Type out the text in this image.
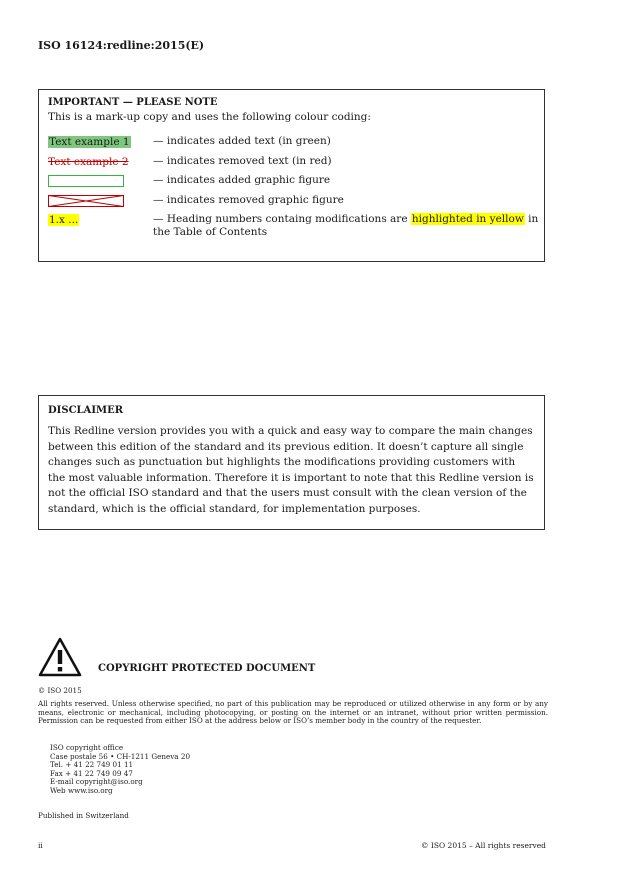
ISO 16124:redline:2015(E)
IMPORTANT — PLEASE NOTE
This is a mark-up copy and uses the following colour coding:
Text example 1 — indicates added text (in green)
Text example 2 — indicates removed text (in red)
— indicates added graphic figure
— indicates removed graphic figure
1.x ...	— Heading numbers containg modifications are highlighted in yellow in the Table of Contents
DISCLAIMER
This Redline version provides you with a quick and easy way to compare the main changes between this edition of the standard and its previous edition. It doesn’t capture all single changes such as punctuation but highlights the modifications providing customers with the most valuable information. Therefore it is important to note that this Redline version is not the official ISO standard and that the users must consult with the clean version of the standard, which is the official standard, for implementation purposes.
COPYRIGHT PROTECTED DOCUMENT
© ISO 2015
All rights reserved. Unless otherwise specified, no part of this publication may be reproduced or utilized otherwise in any form or by any means, electronic or mechanical, including photocopying, or posting on the internet or an intranet, without prior written permission. Permission can be requested from either ISO at the address below or ISO’s member body in the country of the requester.
ISO copyright office
Case postale 56 • CH-1211 Geneva 20
Tel. + 41 22 749 01 11
Fax + 41 22 749 09 47
E-mail copyright@iso.org
Web www.iso.org
Published in Switzerland
ii	© ISO 2015 – All rights reserved
